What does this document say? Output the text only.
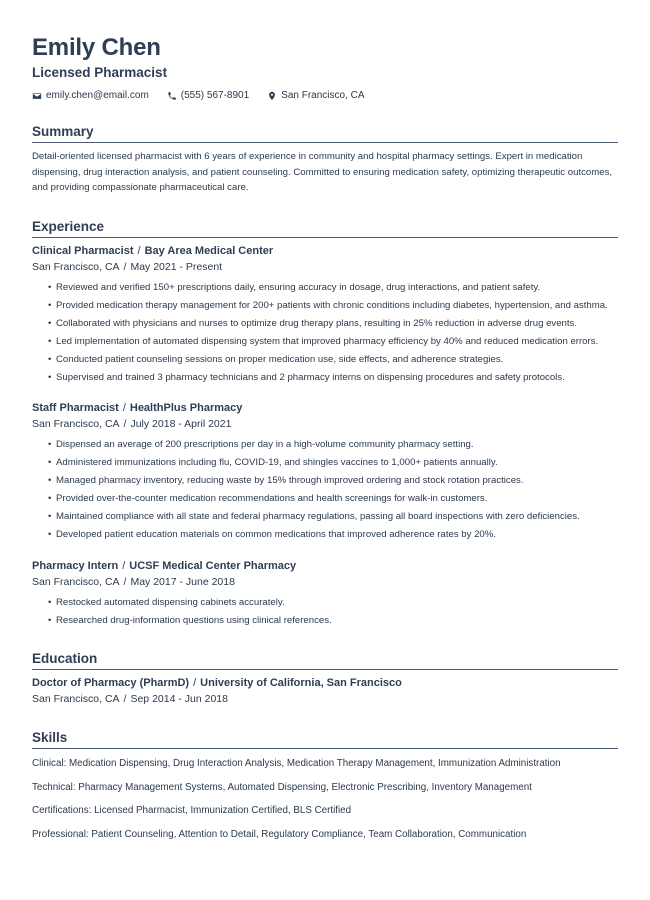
Emily Chen
Licensed Pharmacist
emily.chen@email.com	(555) 567-8901	San Francisco, CA
Summary

Detail-oriented licensed pharmacist with 6 years of experience in community and hospital pharmacy settings. Expert in medication dispensing, drug interaction analysis, and patient counseling. Committed to ensuring medication safety, optimizing therapeutic outcomes, and providing compassionate pharmaceutical care.

Experience
Clinical Pharmacist / Bay Area Medical Center
San Francisco, CA / May 2021 - Present
• Reviewed and verified 150+ prescriptions daily, ensuring accuracy in dosage, drug interactions, and patient safety.
• Provided medication therapy management for 200+ patients with chronic conditions including diabetes, hypertension, and asthma.
• Collaborated with physicians and nurses to optimize drug therapy plans, resulting in 25% reduction in adverse drug events.
• Led implementation of automated dispensing system that improved pharmacy efficiency by 40% and reduced medication errors.
• Conducted patient counseling sessions on proper medication use, side effects, and adherence strategies.
• Supervised and trained 3 pharmacy technicians and 2 pharmacy interns on dispensing procedures and safety protocols.
Staff Pharmacist / HealthPlus Pharmacy
San Francisco, CA / July 2018 - April 2021
• Dispensed an average of 200 prescriptions per day in a high-volume community pharmacy setting.
• Administered immunizations including flu, COVID-19, and shingles vaccines to 1,000+ patients annually.
• Managed pharmacy inventory, reducing waste by 15% through improved ordering and stock rotation practices.
• Provided over-the-counter medication recommendations and health screenings for walk-in customers.
• Maintained compliance with all state and federal pharmacy regulations, passing all board inspections with zero deficiencies.
• Developed patient education materials on common medications that improved adherence rates by 20%.
Pharmacy Intern / UCSF Medical Center Pharmacy
San Francisco, CA / May 2017 - June 2018
• Restocked automated dispensing cabinets accurately.
• Researched drug-information questions using clinical references.
Education
Doctor of Pharmacy (PharmD) / University of California, San Francisco
San Francisco, CA / Sep 2014 - Jun 2018
Skills
Clinical: Medication Dispensing, Drug Interaction Analysis, Medication Therapy Management, Immunization Administration
Technical: Pharmacy Management Systems, Automated Dispensing, Electronic Prescribing, Inventory Management
Certifications: Licensed Pharmacist, Immunization Certified, BLS Certified
Professional: Patient Counseling, Attention to Detail, Regulatory Compliance, Team Collaboration, Communication
